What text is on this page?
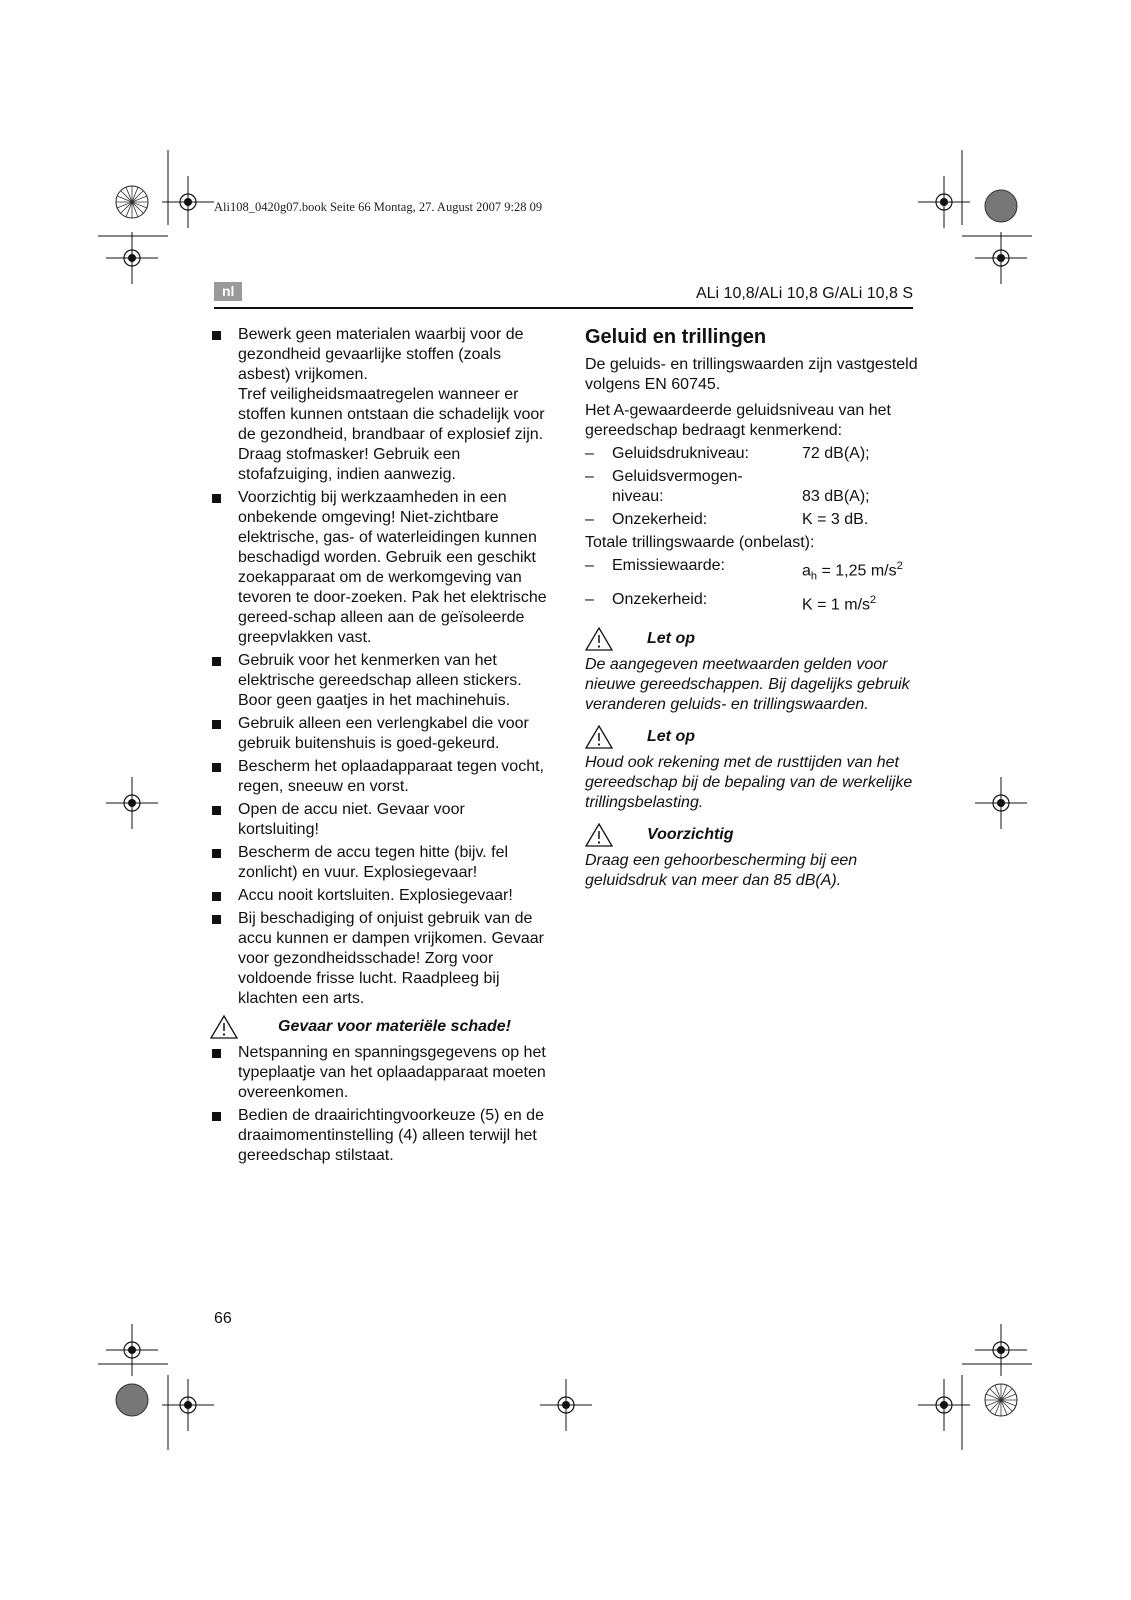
Ali108_0420g07.book Seite 66 Montag, 27. August 2007 9:28 09
nl	ALi 10,8/ALi 10,8 G/ALi 10,8 S
Bewerk geen materialen waarbij voor de gezondheid gevaarlijke stoffen (zoals asbest) vrijkomen.
Tref veiligheidsmaatregelen wanneer er stoffen kunnen ontstaan die schadelijk voor de gezondheid, brandbaar of explosief zijn. Draag stofmasker! Gebruik een stofafzuiging, indien aanwezig.
Voorzichtig bij werkzaamheden in een onbekende omgeving! Niet-zichtbare elektrische, gas- of waterleidingen kunnen beschadigd worden. Gebruik een geschikt zoekapparaat om de werkomgeving van tevoren te door-zoeken. Pak het elektrische gereed-schap alleen aan de geïsoleerde greepvlakken vast.
Gebruik voor het kenmerken van het elektrische gereedschap alleen stickers. Boor geen gaatjes in het machinehuis.
Gebruik alleen een verlengkabel die voor gebruik buitenshuis is goed-gekeurd.
Bescherm het oplaadapparaat tegen vocht, regen, sneeuw en vorst.
Open de accu niet. Gevaar voor kortsluiting!
Bescherm de accu tegen hitte (bijv. fel zonlicht) en vuur. Explosiegevaar!
Accu nooit kortsluiten. Explosiegevaar!
Bij beschadiging of onjuist gebruik van de accu kunnen er dampen vrijkomen. Gevaar voor gezondheidsschade! Zorg voor voldoende frisse lucht. Raadpleeg bij klachten een arts.
Gevaar voor materiële schade!
Netspanning en spanningsgegevens op het typeplaatje van het oplaadapparaat moeten overeenkomen.
Bedien de draairichtingvoorkeuze (5) en de draaimomentinstelling (4) alleen terwijl het gereedschap stilstaat.
Geluid en trillingen

De geluids- en trillingswaarden zijn vastgesteld volgens EN 60745.

Het A-gewaardeerde geluidsniveau van het gereedschap bedraagt kenmerkend:

–	Geluidsdrukniveau:	72 dB(A);
–	Geluidsvermogen-
niveau:	83 dB(A);
–	Onzekerheid:	K = 3 dB.

Totale trillingswaarde (onbelast):

–	Emissiewaarde:	$a_h = 1,25$ $m/s^2$
–	Onzekerheid:	K = 1 $m/s^2$
Let op

De aangegeven meetwaarden gelden voor nieuwe gereedschappen. Bij dagelijks gebruik veranderen geluids- en trillingswaarden.

Let op

Houd ook rekening met de rusttijden van het gereedschap bij de bepaling van de werkelijke trillingsbelasting.

Voorzichtig

Draag een gehoorbescherming bij een geluidsdruk van meer dan 85 dB(A).

66
